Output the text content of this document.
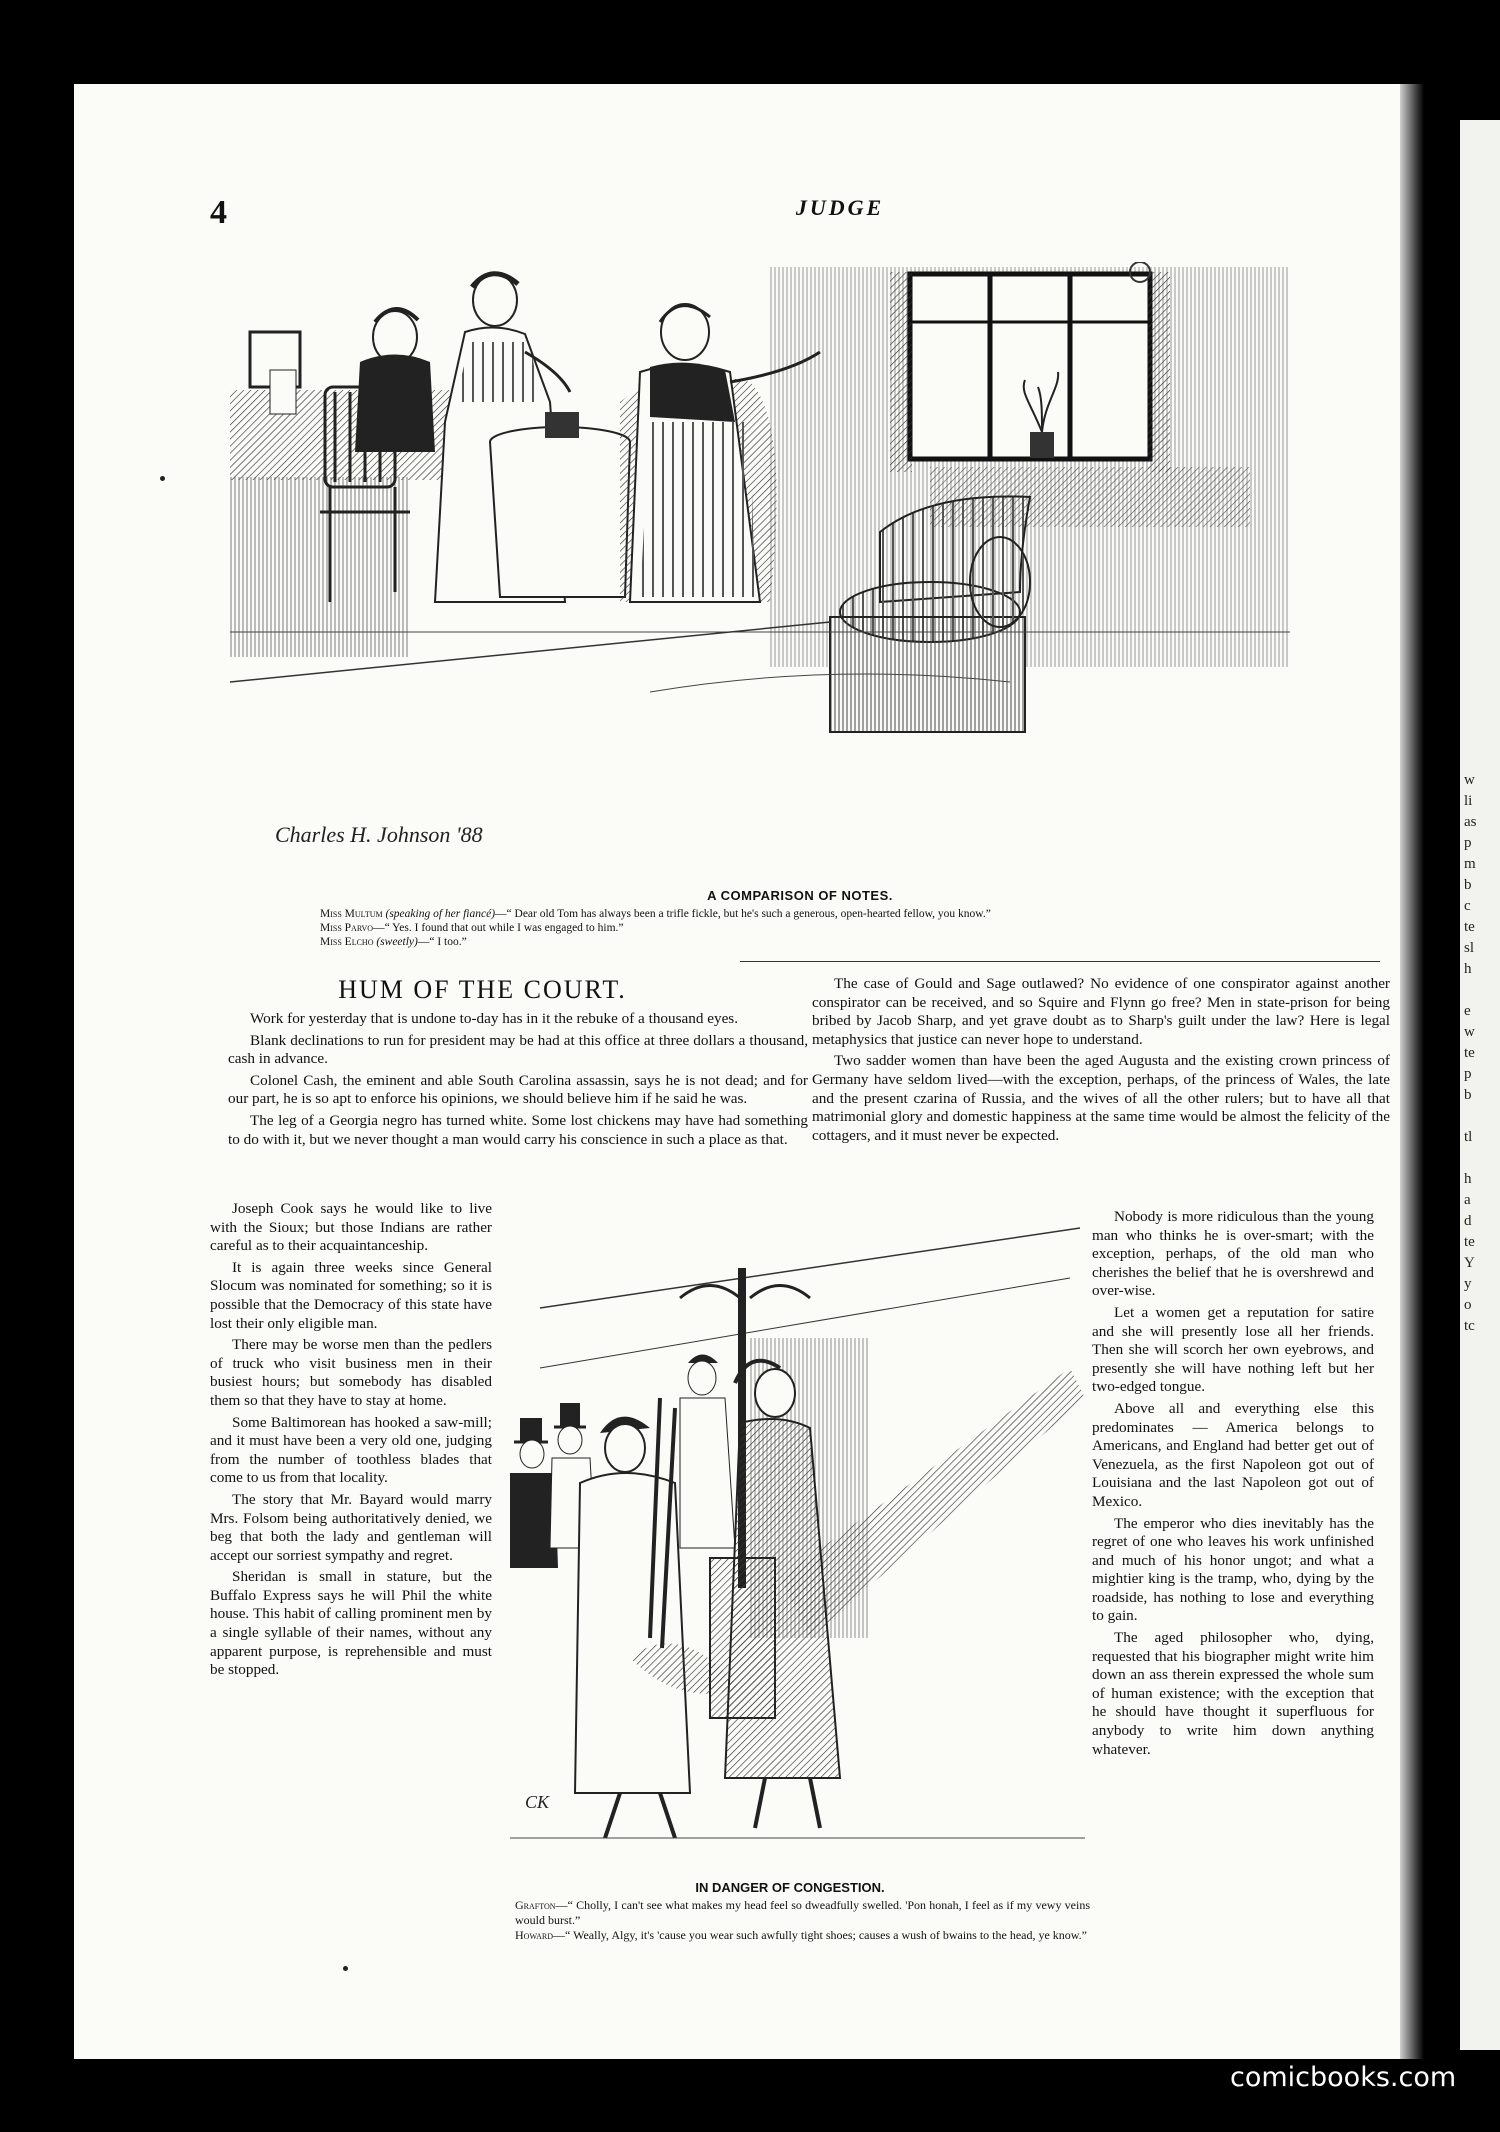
w
li
as
p
m
b
c
te
sl
h
e
w
te
p
b
tl
h
a
d
te
Y
y
o
tc
4	JUDGE
Charles H. Johnson '88
A COMPARISON OF NOTES.

Miss Multum (speaking of her fiancé)—“ Dear old Tom has always been a trifle fickle, but he's such a generous, open-hearted fellow, you know.”

Miss Parvo—“ Yes. I found that out while I was engaged to him.”

Miss Elcho (sweetly)—“ I too.”

HUM OF THE COURT.

Work for yesterday that is undone to-day has in it the rebuke of a thousand eyes.

Blank declinations to run for president may be had at this office at three dollars a thousand, cash in advance.

Colonel Cash, the eminent and able South Carolina assassin, says he is not dead; and for our part, he is so apt to enforce his opinions, we should believe him if he said he was.

The leg of a Georgia negro has turned white. Some lost chickens may have had something to do with it, but we never thought a man would carry his conscience in such a place as that.

Joseph Cook says he would like to live with the Sioux; but those Indians are rather careful as to their acquaintanceship.

It is again three weeks since General Slocum was nominated for something; so it is possible that the Democracy of this state have lost their only eligible man.

There may be worse men than the pedlers of truck who visit business men in their busiest hours; but somebody has disabled them so that they have to stay at home.

Some Baltimorean has hooked a saw-mill; and it must have been a very old one, judging from the number of toothless blades that come to us from that locality.

The story that Mr. Bayard would marry Mrs. Folsom being authoritatively denied, we beg that both the lady and gentleman will accept our sorriest sympathy and regret.

Sheridan is small in stature, but the Buffalo Express says he will Phil the white house. This habit of calling prominent men by a single syllable of their names, without any apparent purpose, is reprehensible and must be stopped.

The case of Gould and Sage outlawed? No evidence of one conspirator against another conspirator can be received, and so Squire and Flynn go free? Men in state-prison for being bribed by Jacob Sharp, and yet grave doubt as to Sharp's guilt under the law? Here is legal metaphysics that justice can never hope to understand.

Two sadder women than have been the aged Augusta and the existing crown princess of Germany have seldom lived—with the exception, perhaps, of the princess of Wales, the late and the present czarina of Russia, and the wives of all the other rulers; but to have all that matrimonial glory and domestic happiness at the same time would be almost the felicity of the cottagers, and it must never be expected.

Nobody is more ridiculous than the young man who thinks he is over-smart; with the exception, perhaps, of the old man who cherishes the belief that he is overshrewd and over-wise.

Let a women get a reputation for satire and she will presently lose all her friends. Then she will scorch her own eyebrows, and presently she will have nothing left but her two-edged tongue.

Above all and everything else this predominates — America belongs to Americans, and England had better get out of Venezuela, as the first Napoleon got out of Louisiana and the last Napoleon got out of Mexico.

The emperor who dies inevitably has the regret of one who leaves his work unfinished and much of his honor ungot; and what a mightier king is the tramp, who, dying by the roadside, has nothing to lose and everything to gain.

The aged philosopher who, dying, requested that his biographer might write him down an ass therein expressed the whole sum of human existence; with the exception that he should have thought it superfluous for anybody to write him down anything whatever.

CK
IN DANGER OF CONGESTION.

Grafton—“ Cholly, I can't see what makes my head feel so dweadfully swelled. 'Pon honah, I feel as if my vewy veins would burst.”

Howard—“ Weally, Algy, it's 'cause you wear such awfully tight shoes; causes a wush of bwains to the head, ye know.”

comicbooks.com
